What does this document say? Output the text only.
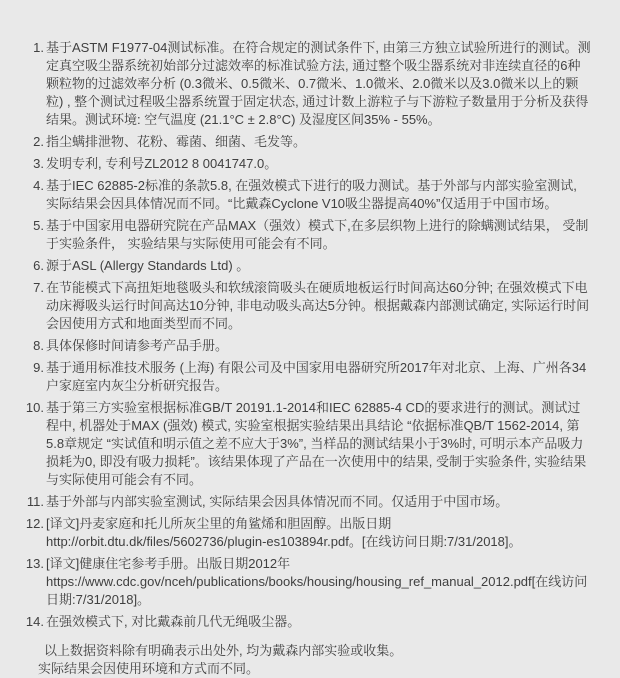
1. 基于ASTM F1977-04测试标准。在符合规定的测试条件下, 由第三方独立试验所进行的测试。测定真空吸尘器系统初始部分过滤效率的标准试验方法, 通过整个吸尘器系统对非连续直径的6种颗粒物的过滤效率分析 (0.3微米、0.5微米、0.7微米、1.0微米、2.0微米以及3.0微米以上的颗粒) , 整个测试过程吸尘器系统置于固定状态, 通过计数上游粒子与下游粒子数量用于分析及获得结果。测试环境: 空气温度 (21.1°C ± 2.8°C) 及湿度区间35% - 55%。
2. 指尘螨排泄物、花粉、霉菌、细菌、毛发等。
3. 发明专利, 专利号ZL2012 8 0041747.0。
4. 基于IEC 62885-2标准的条款5.8, 在强效模式下进行的吸力测试。基于外部与内部实验室测试, 实际结果会因具体情况而不同。“比戴森Cyclone V10吸尘器提高40%”仅适用于中国市场。
5. 基于中国家用电器研究院在产品MAX（强效）模式下,在多层织物上进行的除螨测试结果， 受制于实验条件， 实验结果与实际使用可能会有不同。
6. 源于ASL (Allergy Standards Ltd) 。
7. 在节能模式下高扭矩地毯吸头和软绒滚筒吸头在硬质地板运行时间高达60分钟; 在强效模式下电动床褥吸头运行时间高达10分钟, 非电动吸头高达5分钟。根据戴森内部测试确定, 实际运行时间会因使用方式和地面类型而不同。
8. 具体保修时间请参考产品手册。
9. 基于通用标准技术服务 (上海) 有限公司及中国家用电器研究所2017年对北京、上海、广州各34户家庭室内灰尘分析研究报告。
10. 基于第三方实验室根据标准GB/T 20191.1-2014和IEC 62885-4 CD的要求进行的测试。测试过程中, 机器处于MAX (强效) 模式, 实验室根据实验结果出具结论 “依据标准QB/T 1562-2014, 第5.8章规定 “实试值和明示值之差不应大于3%”, 当样品的测试结果小于3%时, 可明示本产品吸力损耗为0, 即没有吸力损耗”。该结果体现了产品在一次使用中的结果, 受制于实验条件, 实验结果与实际使用可能会有不同。
11. 基于外部与内部实验室测试, 实际结果会因具体情况而不同。仅适用于中国市场。
12. [译文]丹麦家庭和托儿所灰尘里的角鲨烯和胆固醇。出版日期http://orbit.dtu.dk/files/5602736/plugin-es103894r.pdf。[在线访问日期:7/31/2018]。
13. [译文]健康住宅参考手册。出版日期2012年https://www.cdc.gov/nceh/publications/books/housing/housing_ref_manual_2012.pdf[在线访问日期:7/31/2018]。
14. 在强效模式下, 对比戴森前几代无绳吸尘器。
以上数据资料除有明确表示出处外, 均为戴森内部实验或收集。
实际结果会因使用环境和方式而不同。
